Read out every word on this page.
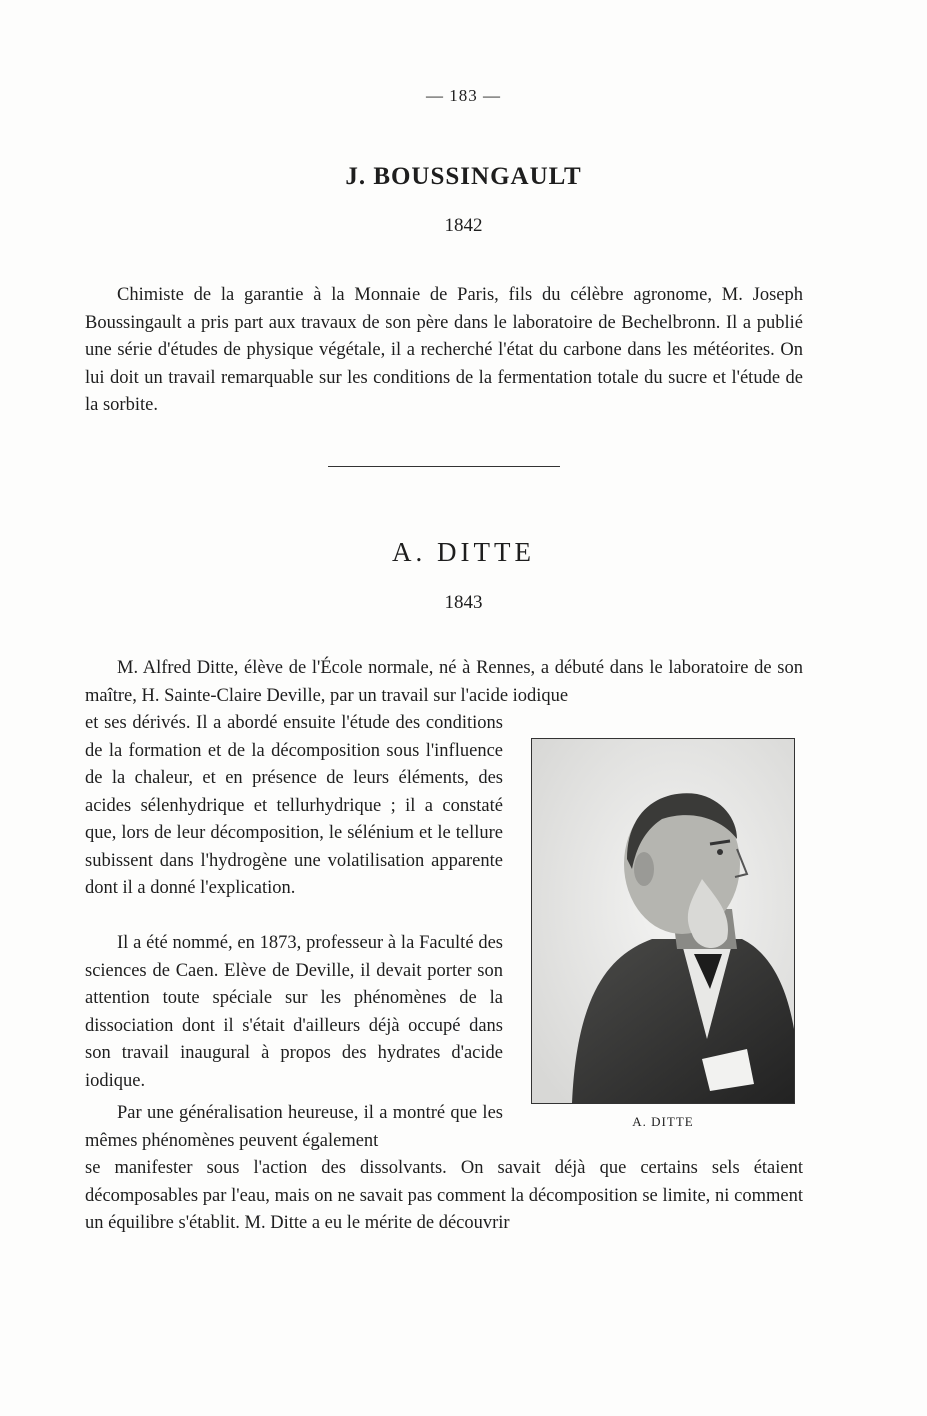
— 183 —
J. BOUSSINGAULT
1842

Chimiste de la garantie à la Monnaie de Paris, fils du célèbre agronome, M. Joseph Boussingault a pris part aux travaux de son père dans le laboratoire de Bechelbronn. Il a publié une série d'études de physique végétale, il a recherché l'état du carbone dans les météorites. On lui doit un travail remarquable sur les conditions de la fermentation totale du sucre et l'étude de la sorbite.

A. DITTE
1843

M. Alfred Ditte, élève de l'École normale, né à Rennes, a débuté dans le laboratoire de son maître, H. Sainte-Claire Deville, par un travail sur l'acide iodique

et ses dérivés. Il a abordé ensuite l'étude des conditions de la formation et de la décomposition sous l'influence de la chaleur, et en présence de leurs éléments, des acides sélenhydrique et tellurhydrique ; il a constaté que, lors de leur décomposition, le sélénium et le tellure subissent dans l'hydrogène une volatilisation apparente dont il a donné l'explication.

Il a été nommé, en 1873, professeur à la Faculté des sciences de Caen. Elève de Deville, il devait porter son attention toute spéciale sur les phénomènes de la dissociation dont il s'était d'ailleurs déjà occupé dans son travail inaugural à propos des hydrates d'acide iodique.

Par une généralisation heureuse, il a montré que les mêmes phénomènes peuvent également

A. DITTE

se manifester sous l'action des dissolvants. On savait déjà que certains sels étaient décomposables par l'eau, mais on ne savait pas comment la décomposition se limite, ni comment un équilibre s'établit. M. Ditte a eu le mérite de découvrir
